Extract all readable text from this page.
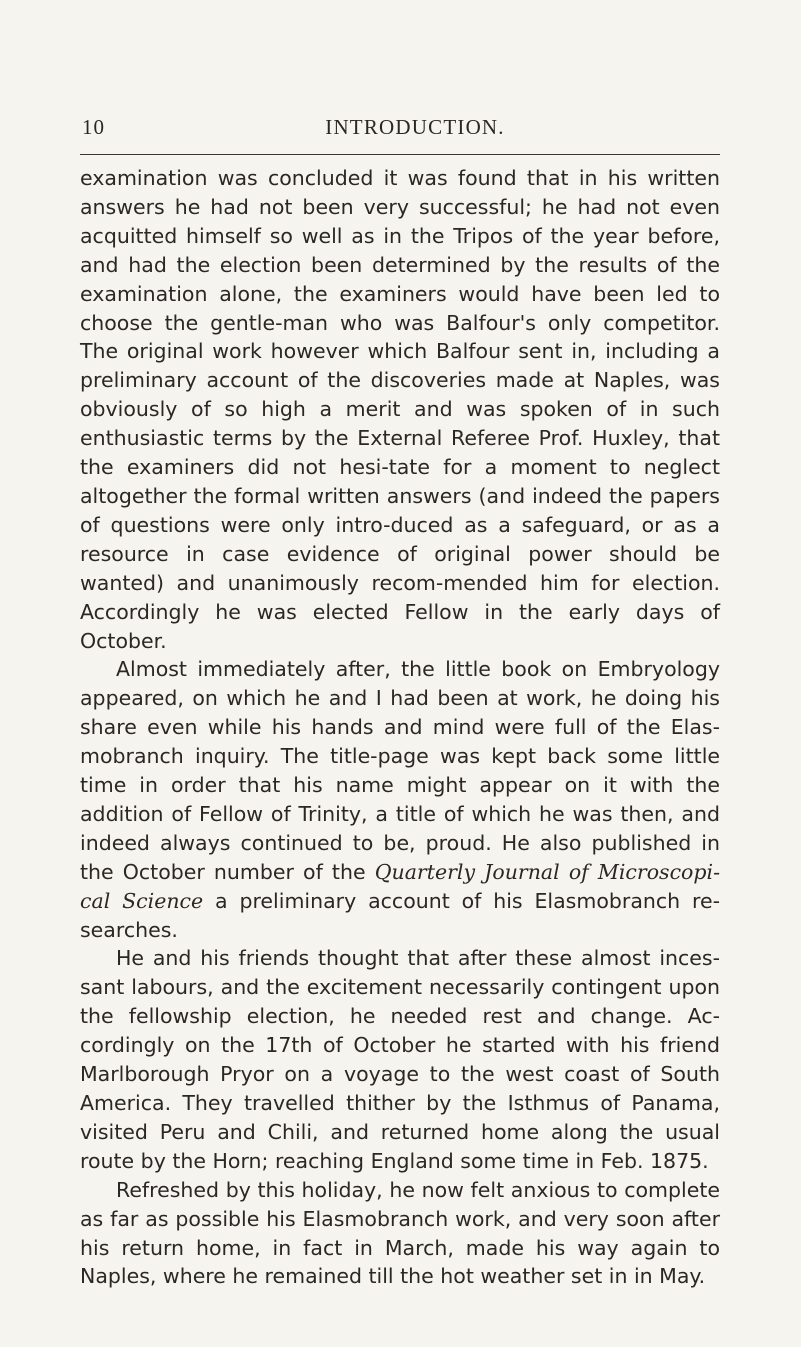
10	INTRODUCTION.

examination was concluded it was found that in his written answers he had not been very successful; he had not even acquitted himself so well as in the Tripos of the year before, and had the election been determined by the results of the examination alone, the examiners would have been led to choose the gentle-man who was Balfour's only competitor. The original work however which Balfour sent in, including a preliminary account of the discoveries made at Naples, was obviously of so high a merit and was spoken of in such enthusiastic terms by the External Referee Prof. Huxley, that the examiners did not hesi-tate for a moment to neglect altogether the formal written answers (and indeed the papers of questions were only intro-duced as a safeguard, or as a resource in case evidence of original power should be wanted) and unanimously recom-mended him for election. Accordingly he was elected Fellow in the early days of October.

Almost immediately after, the little book on Embryology appeared, on which he and I had been at work, he doing his share even while his hands and mind were full of the Elas-mobranch inquiry. The title-page was kept back some little time in order that his name might appear on it with the addition of Fellow of Trinity, a title of which he was then, and indeed always continued to be, proud. He also published in the October number of the Quarterly Journal of Microscopi-cal Science a preliminary account of his Elasmobranch re-searches.

He and his friends thought that after these almost inces-sant labours, and the excitement necessarily contingent upon the fellowship election, he needed rest and change. Ac-cordingly on the 17th of October he started with his friend Marlborough Pryor on a voyage to the west coast of South America. They travelled thither by the Isthmus of Panama, visited Peru and Chili, and returned home along the usual route by the Horn; reaching England some time in Feb. 1875.

Refreshed by this holiday, he now felt anxious to complete as far as possible his Elasmobranch work, and very soon after his return home, in fact in March, made his way again to Naples, where he remained till the hot weather set in in May.
